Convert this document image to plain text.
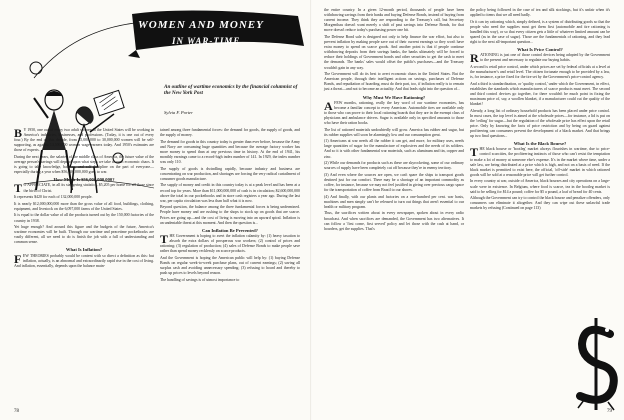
WOMEN AND MONEY
IN WAR-TIME
An outline of wartime economics by the financial columnist of the New York Post
Sylvia F. Porter

B Y 1950, one out of every two adult women in the United States will be working in America's industries, businesses, and professions. (Today, it is one out of every four.) By the end of this decade, from 25,000,000 to 30,000,000 women will be self-supporting, as against 13,500,000 women wage-earners today. And 1950's estimates are those of experts.

During the next years, the salaries of the middle class of America, the future value of the average person's savings will depend upon what steps we take to avert economic chaos. It is going to take knowledge, balance, and self-discipline on the part of everyone—especially during a year when $56,000,000,000 goes to war.

How Much Is $56,000,000,000?

T O APPRECIATE, in all its staggering statistics, $5,205 per home for all those since the birth of Christ.

It represents $420 for each of 132,000,000 people.

It is nearly $12,000,000,000 more than the gross value of all food, buildings, clothing, equipment, and livestock on the 6,097,000 farms of the United States.

It is equal to the dollar value of all the products turned out by the 150,000 factories of the country in 1938.

Yet huge enough? And around this figure and the budgets of the future, America's wartime economies will be built. Through our wartime and peacetime pocketbooks are vastly different, all we need to do is finish the job with a full of understanding and common sense.

What Is Inflation?

FEW THEORIES probably would be content with so direct a definition as this: but inflation, actually, is an abnormal and extraordinarily rapid rise in the cost of living. And inflation, essentially, depends upon the balance main-

tained among three fundamental forces: the demand for goods, the supply of goods, and the supply of money.

The demand for goods in this country today is greater than ever before, because the Army and Navy are consuming huge quantities and because the average factory worker has more money to spend than at any previous time in history. At the end of 1941, his monthly earnings came to a record-high index number of 141. In 1929, the index number was only 110.

The supply of goods is dwindling rapidly, because industry and business are concentrating on war production, and shortages are forcing the very radical curtailment of consumer goods manufacture.

The supply of money and credit in this country today is at a peak level and has been at a record top for years. More than $11,000,000,000 of cash is in circulation; $2,600,000,000 above the total in our pocketbooks and in store cash registers a year ago. During the last war, per capita circulation was less than half what it is now.

Beyond question, the balance among the three fundamental forces is being undermined. People have money and are rushing to the shops to stock up on goods that are scarce. Prices are going up—and the cost of living is moving into an upward spiral. Inflation is an undeniable threat at this moment. And then the question is...

Can Inflation Be Prevented?

THE Government is hoping to avert the inflation calamity by: (1) heavy taxation to absorb the extra dollars of prosperous war workers; (2) control of prices and rationing; (3) regulation of production; (4) sales of Defense Bonds to make people save rather than spend money recklessly on scarce products.

And the Government is hoping the American public will help by: (1) buying Defense Bonds on regular week-to-week purchase plans, out of current earnings; (2) saving all surplus cash and avoiding unnecessary spending; (3) refusing to hoard and thereby to push up prices to levels beyond reason.

The handling of savings is of utmost importance to

78

the entire country. In a given 12-month period, thousands of people have been withdrawing savings from their banks and buying Defense Bonds, instead of buying from current income. They think they are responding to the Treasury's call, but Secretary Morgenthau doesn't want merely a shift of past savings into Defense Bonds, for that move doesn't reduce today's purchasing power one bit.

The Defense Bond sale is designed not only to help finance the war effort, but also to prevent inflation by making people save out of their current earnings so they won't have extra money to spend on scarce goods. And another point is that if people continue withdrawing deposits from their savings banks, the banks ultimately will be forced to reduce their holdings of Government bonds and other securities to get the cash to meet the demands. The banks' sales would offset the public's purchases—and the Treasury wouldn't gain in any way.

The Government will do its best to avert economic chaos in the United States. But the American people, through their intelligent actions on savings, purchases of Defense Bonds, and repudiation of hoarding, must do their part, too, if inflation really is to remain just a threat—and not to become an actuality. And that leads right into the question of...

Why Must We Have Rationing?

AFEW months, rationing, really the key word of our wartime economies, has become a familiar concept to every American. Automobile tires are available only to those who can prove to their local rationing boards that they are in the exempt class of physicians and ambulance drivers. Sugar is available only in specified amounts to those who have their ration books.

The list of rationed materials undoubtedly will grow. America has rubber and sugar, but its rubber supplies will soon be alarmingly low and our consumption great.

(1) Americans at war needs all the rubber it can get, and more, for military uses, needs large quantities of sugar for the manufacture of explosives and the needs of its soldiers. And so it is with other fundamental war materials, such as aluminum and tin, copper and zinc.

(2) While our demands for products such as these are skyrocketing, some of our ordinary sources of supply have been completely cut off because they're in enemy territory.

(3) And even where the sources are open, we can't spare the ships to transport goods destined just for our comfort. There may be a shortage of an important commodity as coffee, for instance, because we may not feel justified in giving over precious cargo space for the transportation of coffee from Brazil to our shores.

(4) And finally, with our plants and factories on a one-hundred per cent. war basis, machines and men simply can't be released to turn out things that aren't essential to our health or military program.

Thus, the sacrifices written about in every newspaper, spoken about in every radio broadcast. And when sacrifices are demanded, the Government has two alternatives. It can follow a 'first come, first served' policy and let those with the cash at hand, or hoarders, get the supplies. That's

the policy being followed in the case of tea and silk stockings, but it's unfair when it's applied to items that we all need badly.

Or it can try rationing which, simply defined, is a system of distributing goods so that the people who need the supplies most get them first (automobile and tire rationing is handled this way), or so that every citizen gets a little of whatever limited amount can be spared (as in the case of sugar). Those are the fundamentals of rationing, and they lead right to the next all-important question...

What Is Price Control?

RATIONING is just one of those control devices being adopted by the Government to the present and necessary to regulate our buying habits.

A second is retail price control, under which prices are set by federal officials at a level at the manufacturer's and retail level. The citizen fortunate enough to be provided by a law, is, for instance, a price fixed for the tire set by the Government's price-control agency.

And a third is standardization, or 'quality control,' under which the Government, in effect, establishes the standards which manufacturers of scarce products must meet. The second and third control devices go together, for there wouldn't be much point in fixing the maximum price of, say, a woollen blanket, if a manufacturer could cut the quality of the blanket!

Already, a long list of ordinary household products has been placed under price control. In most cases, the top level is aimed at the wholesale prices—for instance, a lid is put on the 'ceiling' for sugar—but the regulation of the wholesale price has effect upon the retail price. Only by knowing the facts of price restriction and by being on guard against profiteering can consumers prevent the development of a black market. And that brings up two final questions...

What Is the Black Bourse?

THE black bourse or 'bootleg' market always flourishes in wartime, due to price-control scarcities, the profiteering instincts of those who can't resist the temptation to make a lot of money at someone else's expense. It's in the market where time, under a safe law, are being distributed at a price which is high, and not on a basis of need. If the black market is permitted to exist here, the official, 'off-side' market in which rationed goods will be sold at a reasonable price will get further control.

In every country at war, outside of America, black bourses and city operations on a large-scale were in existence. In Belgium, where food is scarce, tea in the bootleg market is said to be selling for $14 a pound; coffee for $5 a pound, a loaf of bread for 40 cents.

Although the Government can try to control the black bourse and penalize offenders, only consumers can eliminate it altogether. And they can wipe out these unlawful trade markets by refusing (Continued on page 113)

79
